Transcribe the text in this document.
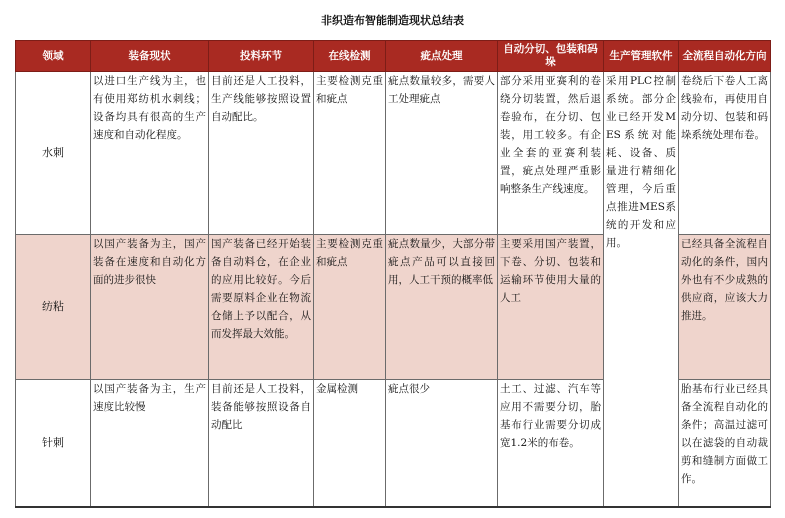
非织造布智能制造现状总结表
领域	装备现状	投料环节	在线检测	疵点处理	自动分切、包装和码垛	生产管理软件	全流程自动化方向
水刺	以进口生产线为主，也有使用郑纺机水刺线；设备均具有很高的生产速度和自动化程度。	目前还是人工投料，生产线能够按照设置自动配比。	主要检测克重和疵点	疵点数量较多，需要人工处理疵点	部分采用亚赛利的卷绕分切装置，然后退卷验布，在分切、包装，用工较多。有企业全套的亚赛利装置，疵点处理严重影响整条生产线速度。	采用PLC控制系统。部分企业已经开发MES系统对能耗、设备、质量进行精细化管理，今后重点推进MES系统的开发和应用。	卷绕后下卷人工离线验布，再使用自动分切、包装和码垛系统处理布卷。
纺粘	以国产装备为主，国产装备在速度和自动化方面的进步很快	国产装备已经开始装备自动料仓，在企业的应用比较好。今后需要原料企业在物流仓储上予以配合，从而发挥最大效能。	主要检测克重和疵点	疵点数量少，大部分带疵点产品可以直接回用，人工干预的概率低	主要采用国产装置，下卷、分切、包装和运输环节使用大量的人工		已经具备全流程自动化的条件，国内外也有不少成熟的供应商，应该大力推进。
针刺	以国产装备为主，生产速度比较慢	目前还是人工投料，装备能够按照设备自动配比	金属检测	疵点很少	土工、过滤、汽车等应用不需要分切，胎基布行业需要分切成宽1.2米的布卷。		胎基布行业已经具备全流程自动化的条件；高温过滤可以在滤袋的自动裁剪和缝制方面做工作。
